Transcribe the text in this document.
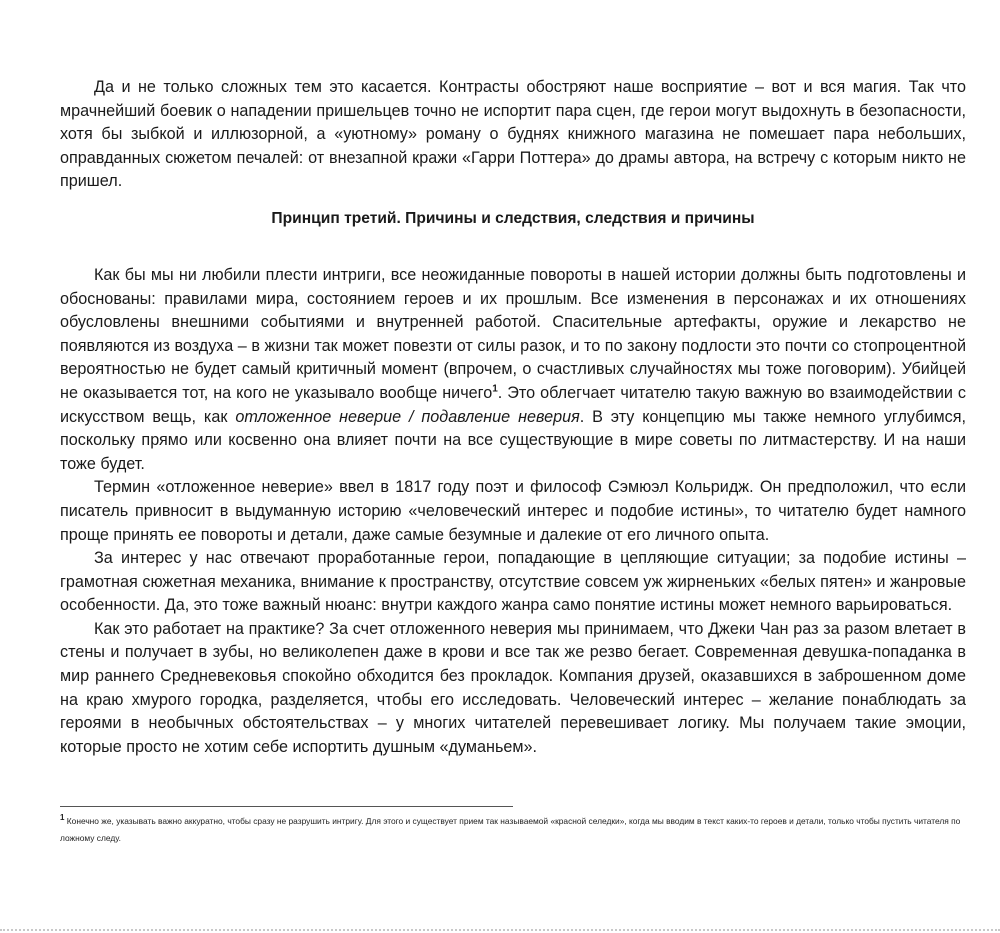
Да и не только сложных тем это касается. Контрасты обостряют наше восприятие – вот и вся магия. Так что мрачнейший боевик о нападении пришельцев точно не испортит пара сцен, где герои могут выдохнуть в безопасности, хотя бы зыбкой и иллюзорной, а «уютному» роману о буднях книжного магазина не помешает пара небольших, оправданных сюжетом печалей: от внезапной кражи «Гарри Поттера» до драмы автора, на встречу с которым никто не пришел.

Принцип третий. Причины и следствия, следствия и причины

Как бы мы ни любили плести интриги, все неожиданные повороты в нашей истории должны быть подготовлены и обоснованы: правилами мира, состоянием героев и их прошлым. Все изменения в персонажах и их отношениях обусловлены внешними событиями и внутренней работой. Спасительные артефакты, оружие и лекарство не появляются из воздуха – в жизни так может повезти от силы разок, и то по закону подлости это почти со стопроцентной вероятностью не будет самый критичный момент (впрочем, о счастливых случайностях мы тоже поговорим). Убийцей не оказывается тот, на кого не указывало вообще ничего$^1$. Это облегчает читателю такую важную во взаимодействии с искусством вещь, как отложенное неверие / подавление неверия. В эту концепцию мы также немного углубимся, поскольку прямо или косвенно она влияет почти на все существующие в мире советы по литмастерству. И на наши тоже будет.

Термин «отложенное неверие» ввел в 1817 году поэт и философ Сэмюэл Кольридж. Он предположил, что если писатель привносит в выдуманную историю «человеческий интерес и подобие истины», то читателю будет намного проще принять ее повороты и детали, даже самые безумные и далекие от его личного опыта.

За интерес у нас отвечают проработанные герои, попадающие в цепляющие ситуации; за подобие истины – грамотная сюжетная механика, внимание к пространству, отсутствие совсем уж жирненьких «белых пятен» и жанровые особенности. Да, это тоже важный нюанс: внутри каждого жанра само понятие истины может немного варьироваться.

Как это работает на практике? За счет отложенного неверия мы принимаем, что Джеки Чан раз за разом влетает в стены и получает в зубы, но великолепен даже в крови и все так же резво бегает. Современная девушка-попаданка в мир раннего Средневековья спокойно обходится без прокладок. Компания друзей, оказавшихся в заброшенном доме на краю хмурого городка, разделяется, чтобы его исследовать. Человеческий интерес – желание понаблюдать за героями в необычных обстоятельствах – у многих читателей перевешивает логику. Мы получаем такие эмоции, которые просто не хотим себе испортить душным «думаньем».

1 Конечно же, указывать важно аккуратно, чтобы сразу не разрушить интригу. Для этого и существует прием так называемой «красной селедки», когда мы вводим в текст каких-то героев и детали, только чтобы пустить читателя по ложному следу.
